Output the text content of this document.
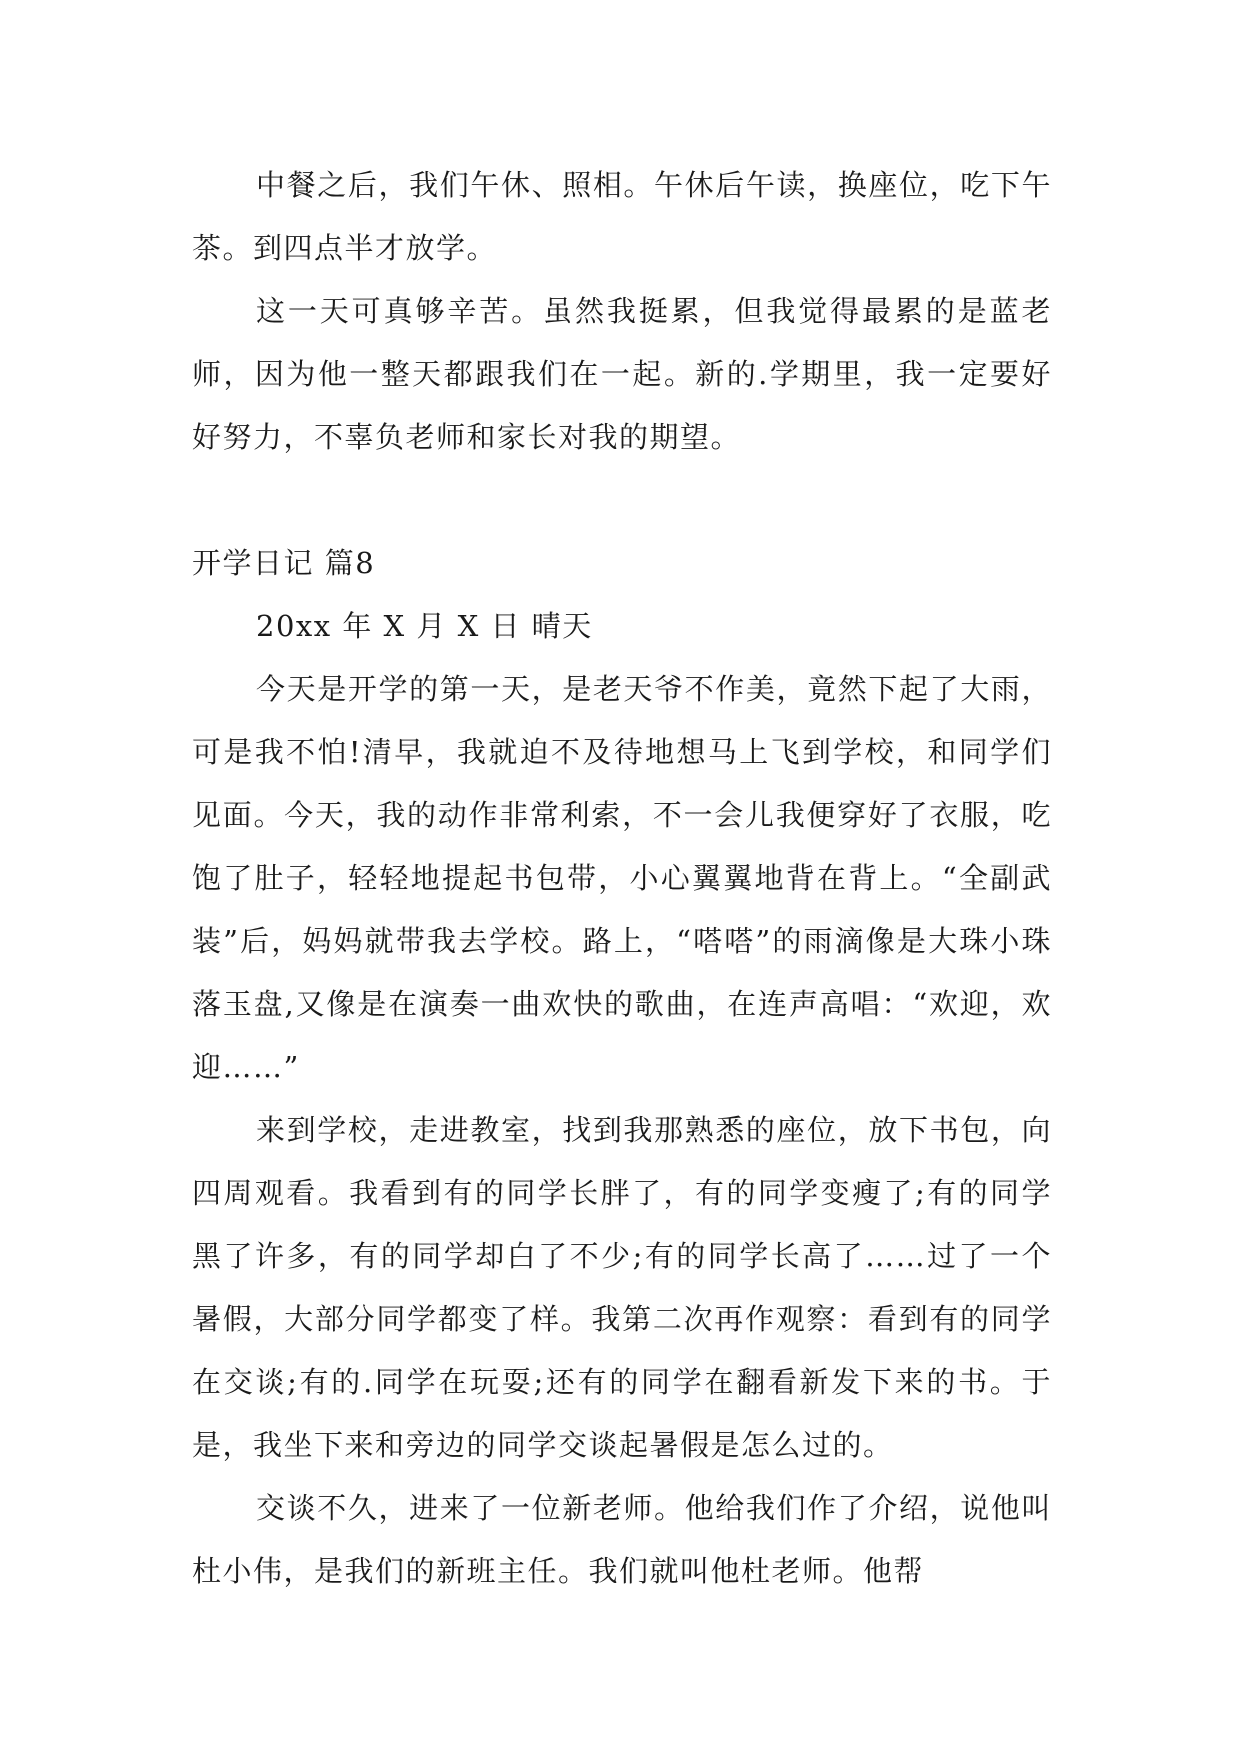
中餐之后，我们午休、照相。午休后午读，换座位，吃下午茶。到四点半才放学。

这一天可真够辛苦。虽然我挺累，但我觉得最累的是蓝老师，因为他一整天都跟我们在一起。新的.学期里，我一定要好好努力，不辜负老师和家长对我的期望。

开学日记 篇8

20xx 年 X 月 X 日 晴天

今天是开学的第一天，是老天爷不作美，竟然下起了大雨，可是我不怕!清早，我就迫不及待地想马上飞到学校，和同学们见面。今天，我的动作非常利索，不一会儿我便穿好了衣服，吃饱了肚子，轻轻地提起书包带，小心翼翼地背在背上。“全副武装”后，妈妈就带我去学校。路上，“嗒嗒”的雨滴像是大珠小珠落玉盘,又像是在演奏一曲欢快的歌曲，在连声高唱：“欢迎，欢迎……”

来到学校，走进教室，找到我那熟悉的座位，放下书包，向四周观看。我看到有的同学长胖了，有的同学变瘦了;有的同学黑了许多，有的同学却白了不少;有的同学长高了……过了一个暑假，大部分同学都变了样。我第二次再作观察：看到有的同学在交谈;有的.同学在玩耍;还有的同学在翻看新发下来的书。于是，我坐下来和旁边的同学交谈起暑假是怎么过的。

交谈不久，进来了一位新老师。他给我们作了介绍，说他叫杜小伟，是我们的新班主任。我们就叫他杜老师。他帮
